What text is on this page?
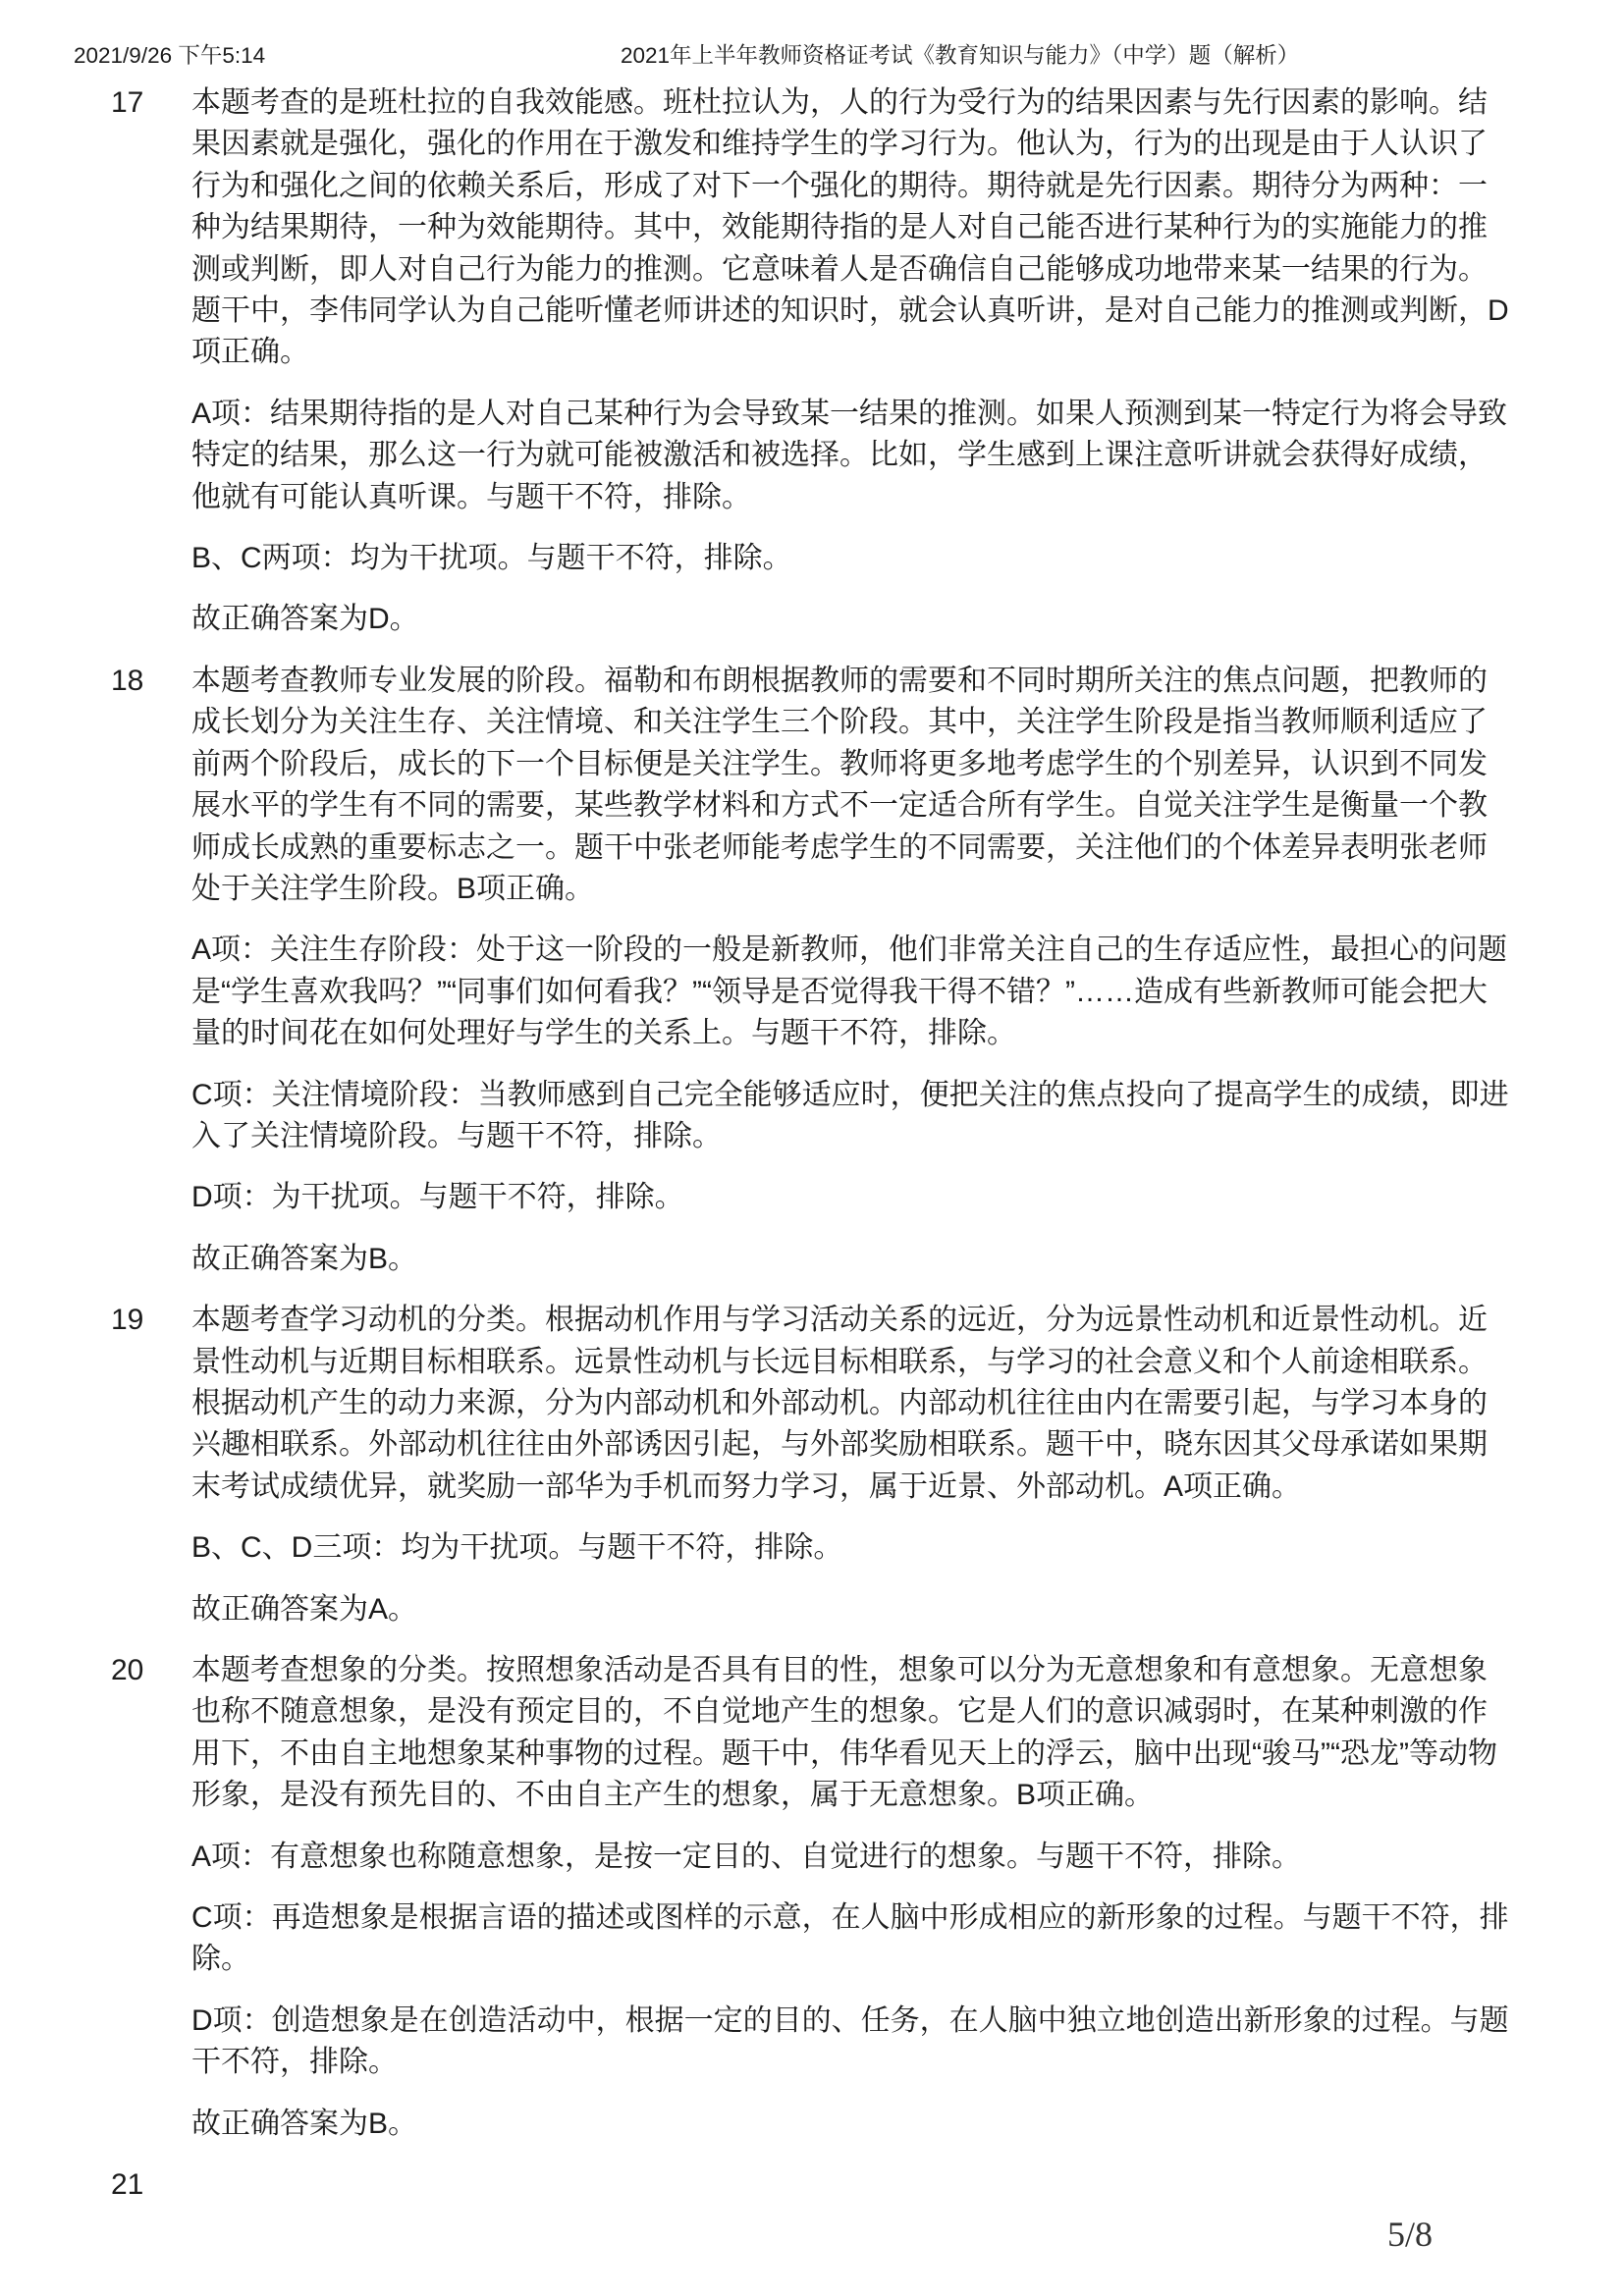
2021/9/26 下午5:14	2021年上半年教师资格证考试《教育知识与能力》（中学）题（解析）
17 本题考查的是班杜拉的自我效能感。班杜拉认为，人的行为受行为的结果因素与先行因素的影响。结
果因素就是强化，强化的作用在于激发和维持学生的学习行为。他认为，行为的出现是由于人认识了
行为和强化之间的依赖关系后，形成了对下一个强化的期待。期待就是先行因素。期待分为两种：一
种为结果期待，一种为效能期待。其中，效能期待指的是人对自己能否进行某种行为的实施能力的推
测或判断，即人对自己行为能力的推测。它意味着人是否确信自己能够成功地带来某一结果的行为。
题干中，李伟同学认为自己能听懂老师讲述的知识时，就会认真听讲，是对自己能力的推测或判断，D
项正确。

A项：结果期待指的是人对自己某种行为会导致某一结果的推测。如果人预测到某一特定行为将会导致
特定的结果，那么这一行为就可能被激活和被选择。比如，学生感到上课注意听讲就会获得好成绩，
他就有可能认真听课。与题干不符，排除。

B、C两项：均为干扰项。与题干不符，排除。

故正确答案为D。

18 本题考查教师专业发展的阶段。福勒和布朗根据教师的需要和不同时期所关注的焦点问题，把教师的
成长划分为关注生存、关注情境、和关注学生三个阶段。其中，关注学生阶段是指当教师顺利适应了
前两个阶段后，成长的下一个目标便是关注学生。教师将更多地考虑学生的个别差异，认识到不同发
展水平的学生有不同的需要，某些教学材料和方式不一定适合所有学生。自觉关注学生是衡量一个教
师成长成熟的重要标志之一。题干中张老师能考虑学生的不同需要，关注他们的个体差异表明张老师
处于关注学生阶段。B项正确。

A项：关注生存阶段：处于这一阶段的一般是新教师，他们非常关注自己的生存适应性，最担心的问题
是“学生喜欢我吗？”“同事们如何看我？”“领导是否觉得我干得不错？”……造成有些新教师可能会把大
量的时间花在如何处理好与学生的关系上。与题干不符，排除。

C项：关注情境阶段：当教师感到自己完全能够适应时，便把关注的焦点投向了提高学生的成绩，即进
入了关注情境阶段。与题干不符，排除。

D项：为干扰项。与题干不符，排除。

故正确答案为B。

19 本题考查学习动机的分类。根据动机作用与学习活动关系的远近，分为远景性动机和近景性动机。近
景性动机与近期目标相联系。远景性动机与长远目标相联系，与学习的社会意义和个人前途相联系。
根据动机产生的动力来源，分为内部动机和外部动机。内部动机往往由内在需要引起，与学习本身的
兴趣相联系。外部动机往往由外部诱因引起，与外部奖励相联系。题干中，晓东因其父母承诺如果期
末考试成绩优异，就奖励一部华为手机而努力学习，属于近景、外部动机。A项正确。

B、C、D三项：均为干扰项。与题干不符，排除。

故正确答案为A。

20 本题考查想象的分类。按照想象活动是否具有目的性，想象可以分为无意想象和有意想象。无意想象
也称不随意想象，是没有预定目的，不自觉地产生的想象。它是人们的意识减弱时，在某种刺激的作
用下，不由自主地想象某种事物的过程。题干中，伟华看见天上的浮云，脑中出现“骏马”“恐龙”等动物
形象，是没有预先目的、不由自主产生的想象，属于无意想象。B项正确。

A项：有意想象也称随意想象，是按一定目的、自觉进行的想象。与题干不符，排除。

C项：再造想象是根据言语的描述或图样的示意，在人脑中形成相应的新形象的过程。与题干不符，排
除。

D项：创造想象是在创造活动中，根据一定的目的、任务，在人脑中独立地创造出新形象的过程。与题
干不符，排除。

故正确答案为B。

21
5/8
